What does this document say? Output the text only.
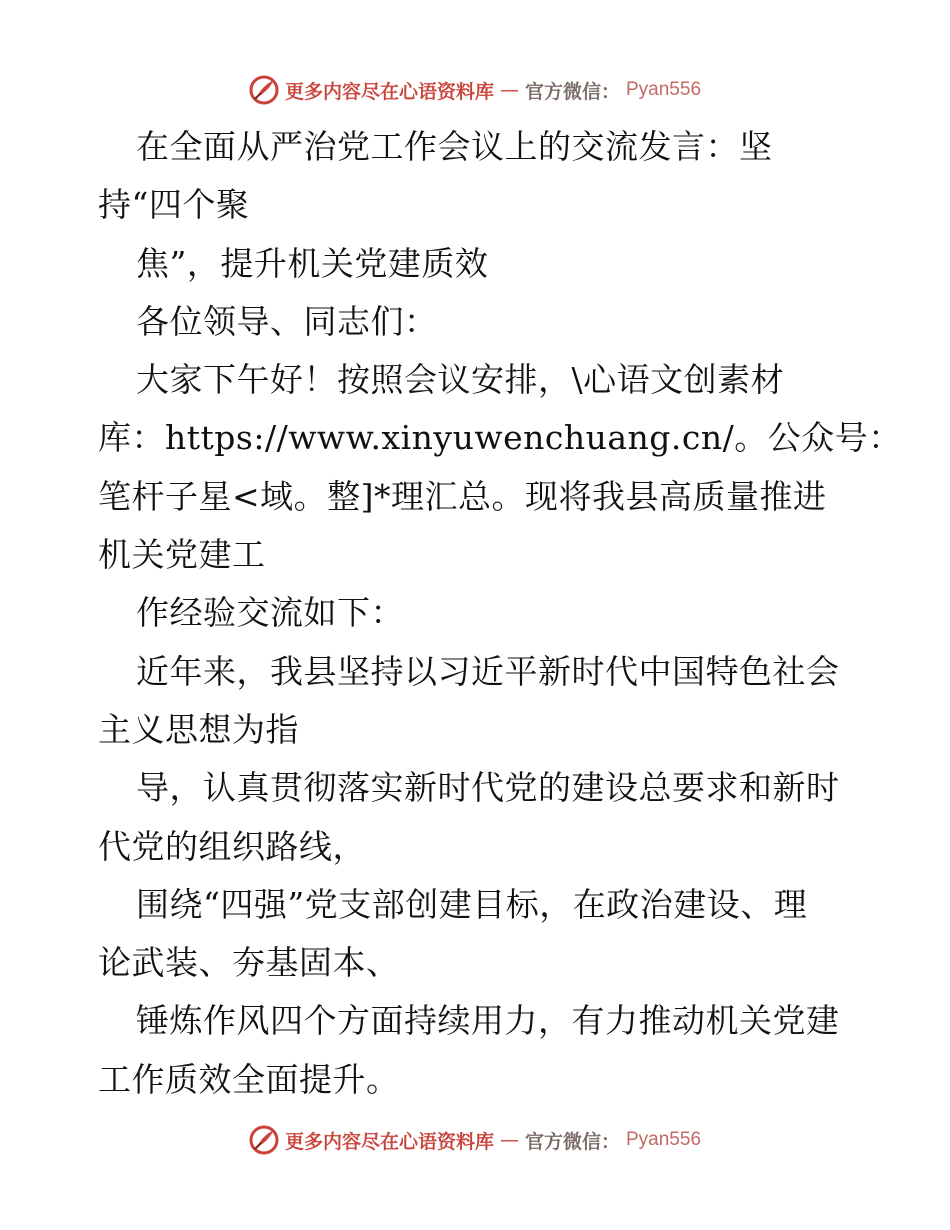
更多内容尽在心语资料库 — 官方微信： Pyan556
在全面从严治党工作会议上的交流发言：坚
持“四个聚
焦”，提升机关党建质效
各位领导、同志们：
大家下午好！按照会议安排，\心语文创素材
库：https://www.xinyuwenchuang.cn/。公众号：
笔杆子星<域。整]*理汇总。现将我县高质量推进
机关党建工
作经验交流如下：
近年来，我县坚持以习近平新时代中国特色社会
主义思想为指
导，认真贯彻落实新时代党的建设总要求和新时
代党的组织路线，
围绕“四强”党支部创建目标，在政治建设、理
论武装、夯基固本、
锤炼作风四个方面持续用力，有力推动机关党建
工作质效全面提升。
更多内容尽在心语资料库 — 官方微信： Pyan556
